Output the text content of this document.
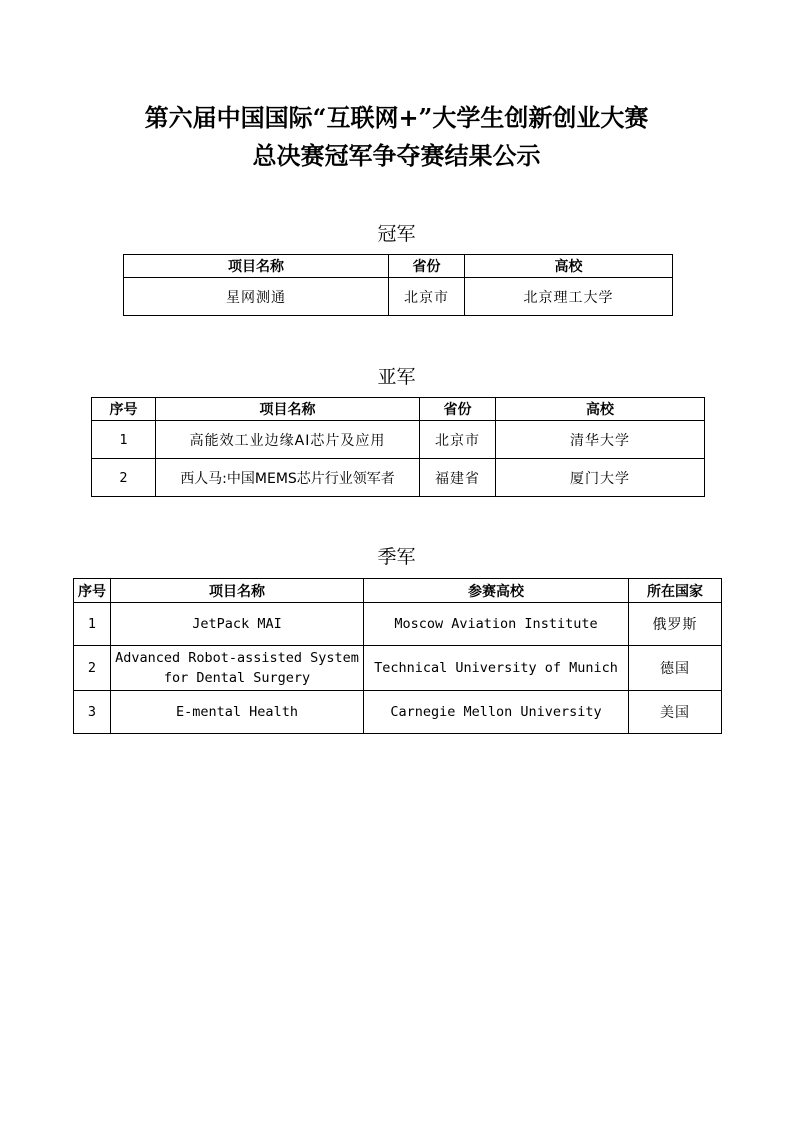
第六届中国国际“互联网+”大学生创新创业大赛
总决赛冠军争夺赛结果公示
冠军
项目名称	省份	高校
星网测通	北京市	北京理工大学
亚军
序号	项目名称	省份	高校
1	高能效工业边缘AI芯片及应用	北京市	清华大学
2	西人马:中国MEMS芯片行业领军者	福建省	厦门大学
季军
序号	项目名称	参赛高校	所在国家
1	JetPack MAI	Moscow Aviation Institute	俄罗斯
2	Advanced Robot-assisted System for Dental Surgery	Technical University of Munich	德国
3	E-mental Health	Carnegie Mellon University	美国
